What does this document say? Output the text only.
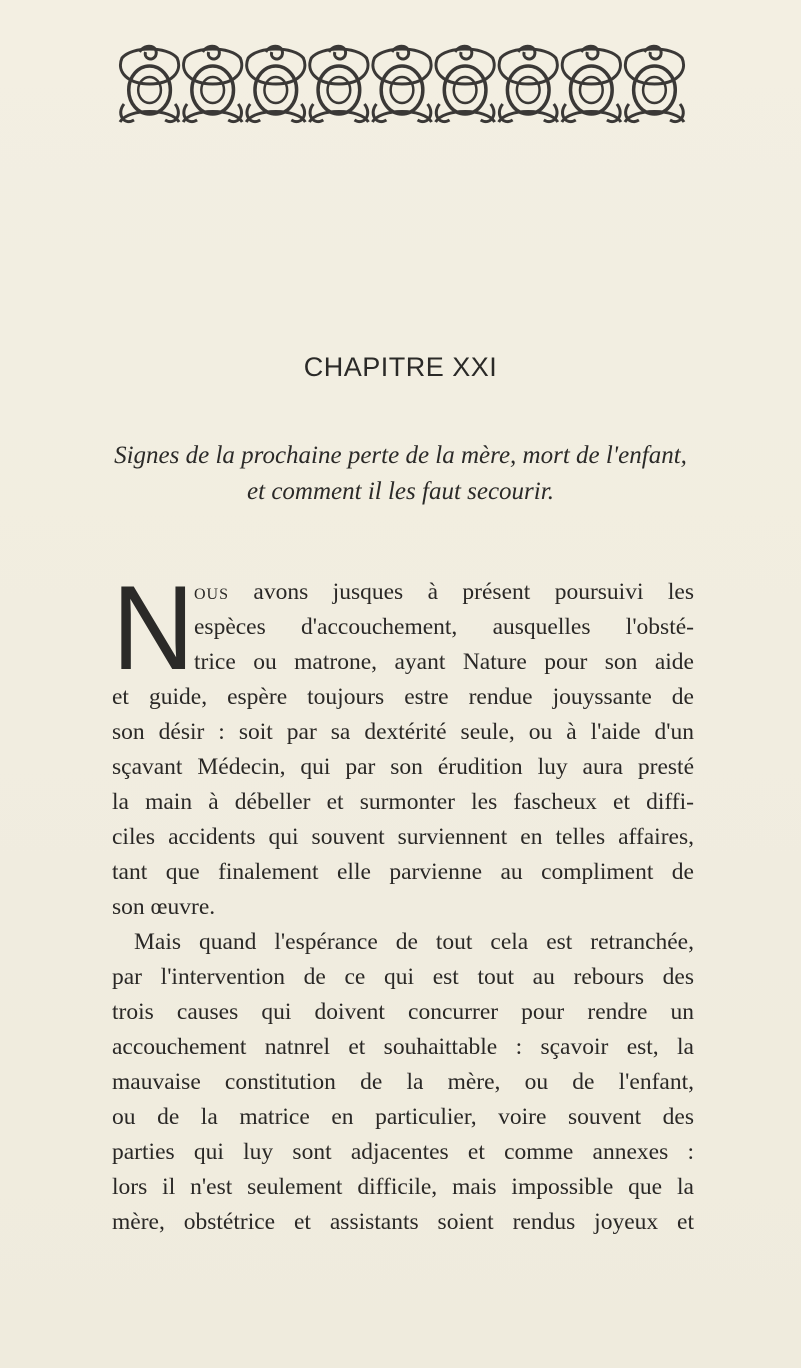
CHAPITRE XXI
Signes de la prochaine perte de la mère, mort de l'enfant,
et comment il les faut secourir.
N ous avons jusques à présent poursuivi les
espèces d'accouchement, ausquelles l'obsté-
trice ou matrone, ayant Nature pour son aide
et guide, espère toujours estre rendue jouyssante de
son désir : soit par sa dextérité seule, ou à l'aide d'un
sçavant Médecin, qui par son érudition luy aura presté
la main à débeller et surmonter les fascheux et diffi-
ciles accidents qui souvent surviennent en telles affaires,
tant que finalement elle parvienne au compliment de
son œuvre.
Mais quand l'espérance de tout cela est retranchée,
par l'intervention de ce qui est tout au rebours des
trois causes qui doivent concurrer pour rendre un
accouchement natnrel et souhaittable : sçavoir est, la
mauvaise constitution de la mère, ou de l'enfant,
ou de la matrice en particulier, voire souvent des
parties qui luy sont adjacentes et comme annexes :
lors il n'est seulement difficile, mais impossible que la
mère, obstétrice et assistants soient rendus joyeux et
